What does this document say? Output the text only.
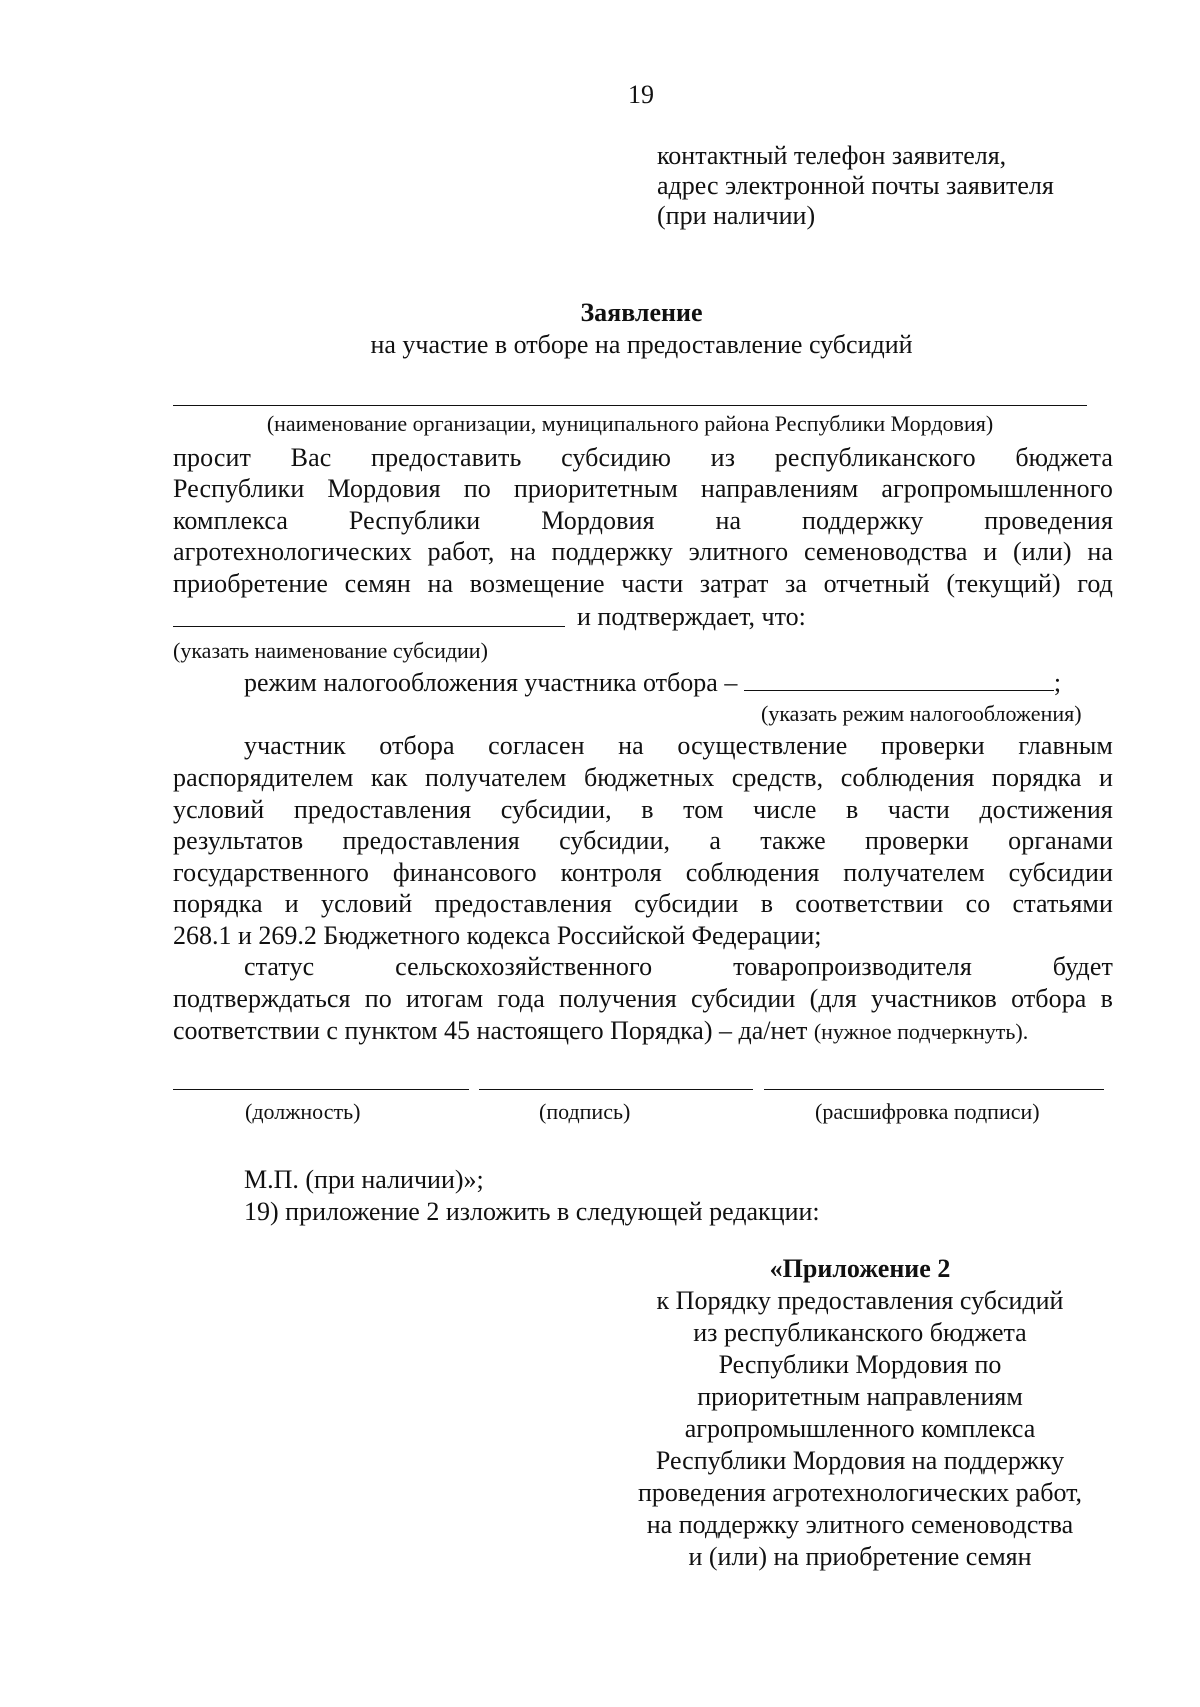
19
контактный телефон заявителя,
адрес электронной почты заявителя
(при наличии)
Заявление
на участие в отборе на предоставление субсидий
(наименование организации, муниципального района Республики Мордовия)
просит Вас предоставить субсидию из республиканского бюджета
Республики Мордовия по приоритетным направлениям агропромышленного
комплекса Республики Мордовия на поддержку проведения
агротехнологических работ, на поддержку элитного семеноводства и (или) на
приобретение семян на возмещение части затрат за отчетный (текущий) год
и подтверждает, что:
(указать наименование субсидии)
режим налогообложения участника отбора –	;
(указать режим налогообложения)
участник отбора согласен на осуществление проверки главным
распорядителем как получателем бюджетных средств, соблюдения порядка и
условий предоставления субсидии, в том числе в части достижения
результатов предоставления субсидии, а также проверки органами
государственного финансового контроля соблюдения получателем субсидии
порядка и условий предоставления субсидии в соответствии со статьями
268.1 и 269.2 Бюджетного кодекса Российской Федерации;
статус сельскохозяйственного товаропроизводителя будет
подтверждаться по итогам года получения субсидии (для участников отбора в
соответствии с пунктом 45 настоящего Порядка) – да/нет (нужное подчеркнуть).
(должность)	(подпись)	(расшифровка подписи)
М.П. (при наличии)»;
19) приложение 2 изложить в следующей редакции:
«Приложение 2
к Порядку предоставления субсидий
из республиканского бюджета
Республики Мордовия по
приоритетным направлениям
агропромышленного комплекса
Республики Мордовия на поддержку
проведения агротехнологических работ,
на поддержку элитного семеноводства
и (или) на приобретение семян
